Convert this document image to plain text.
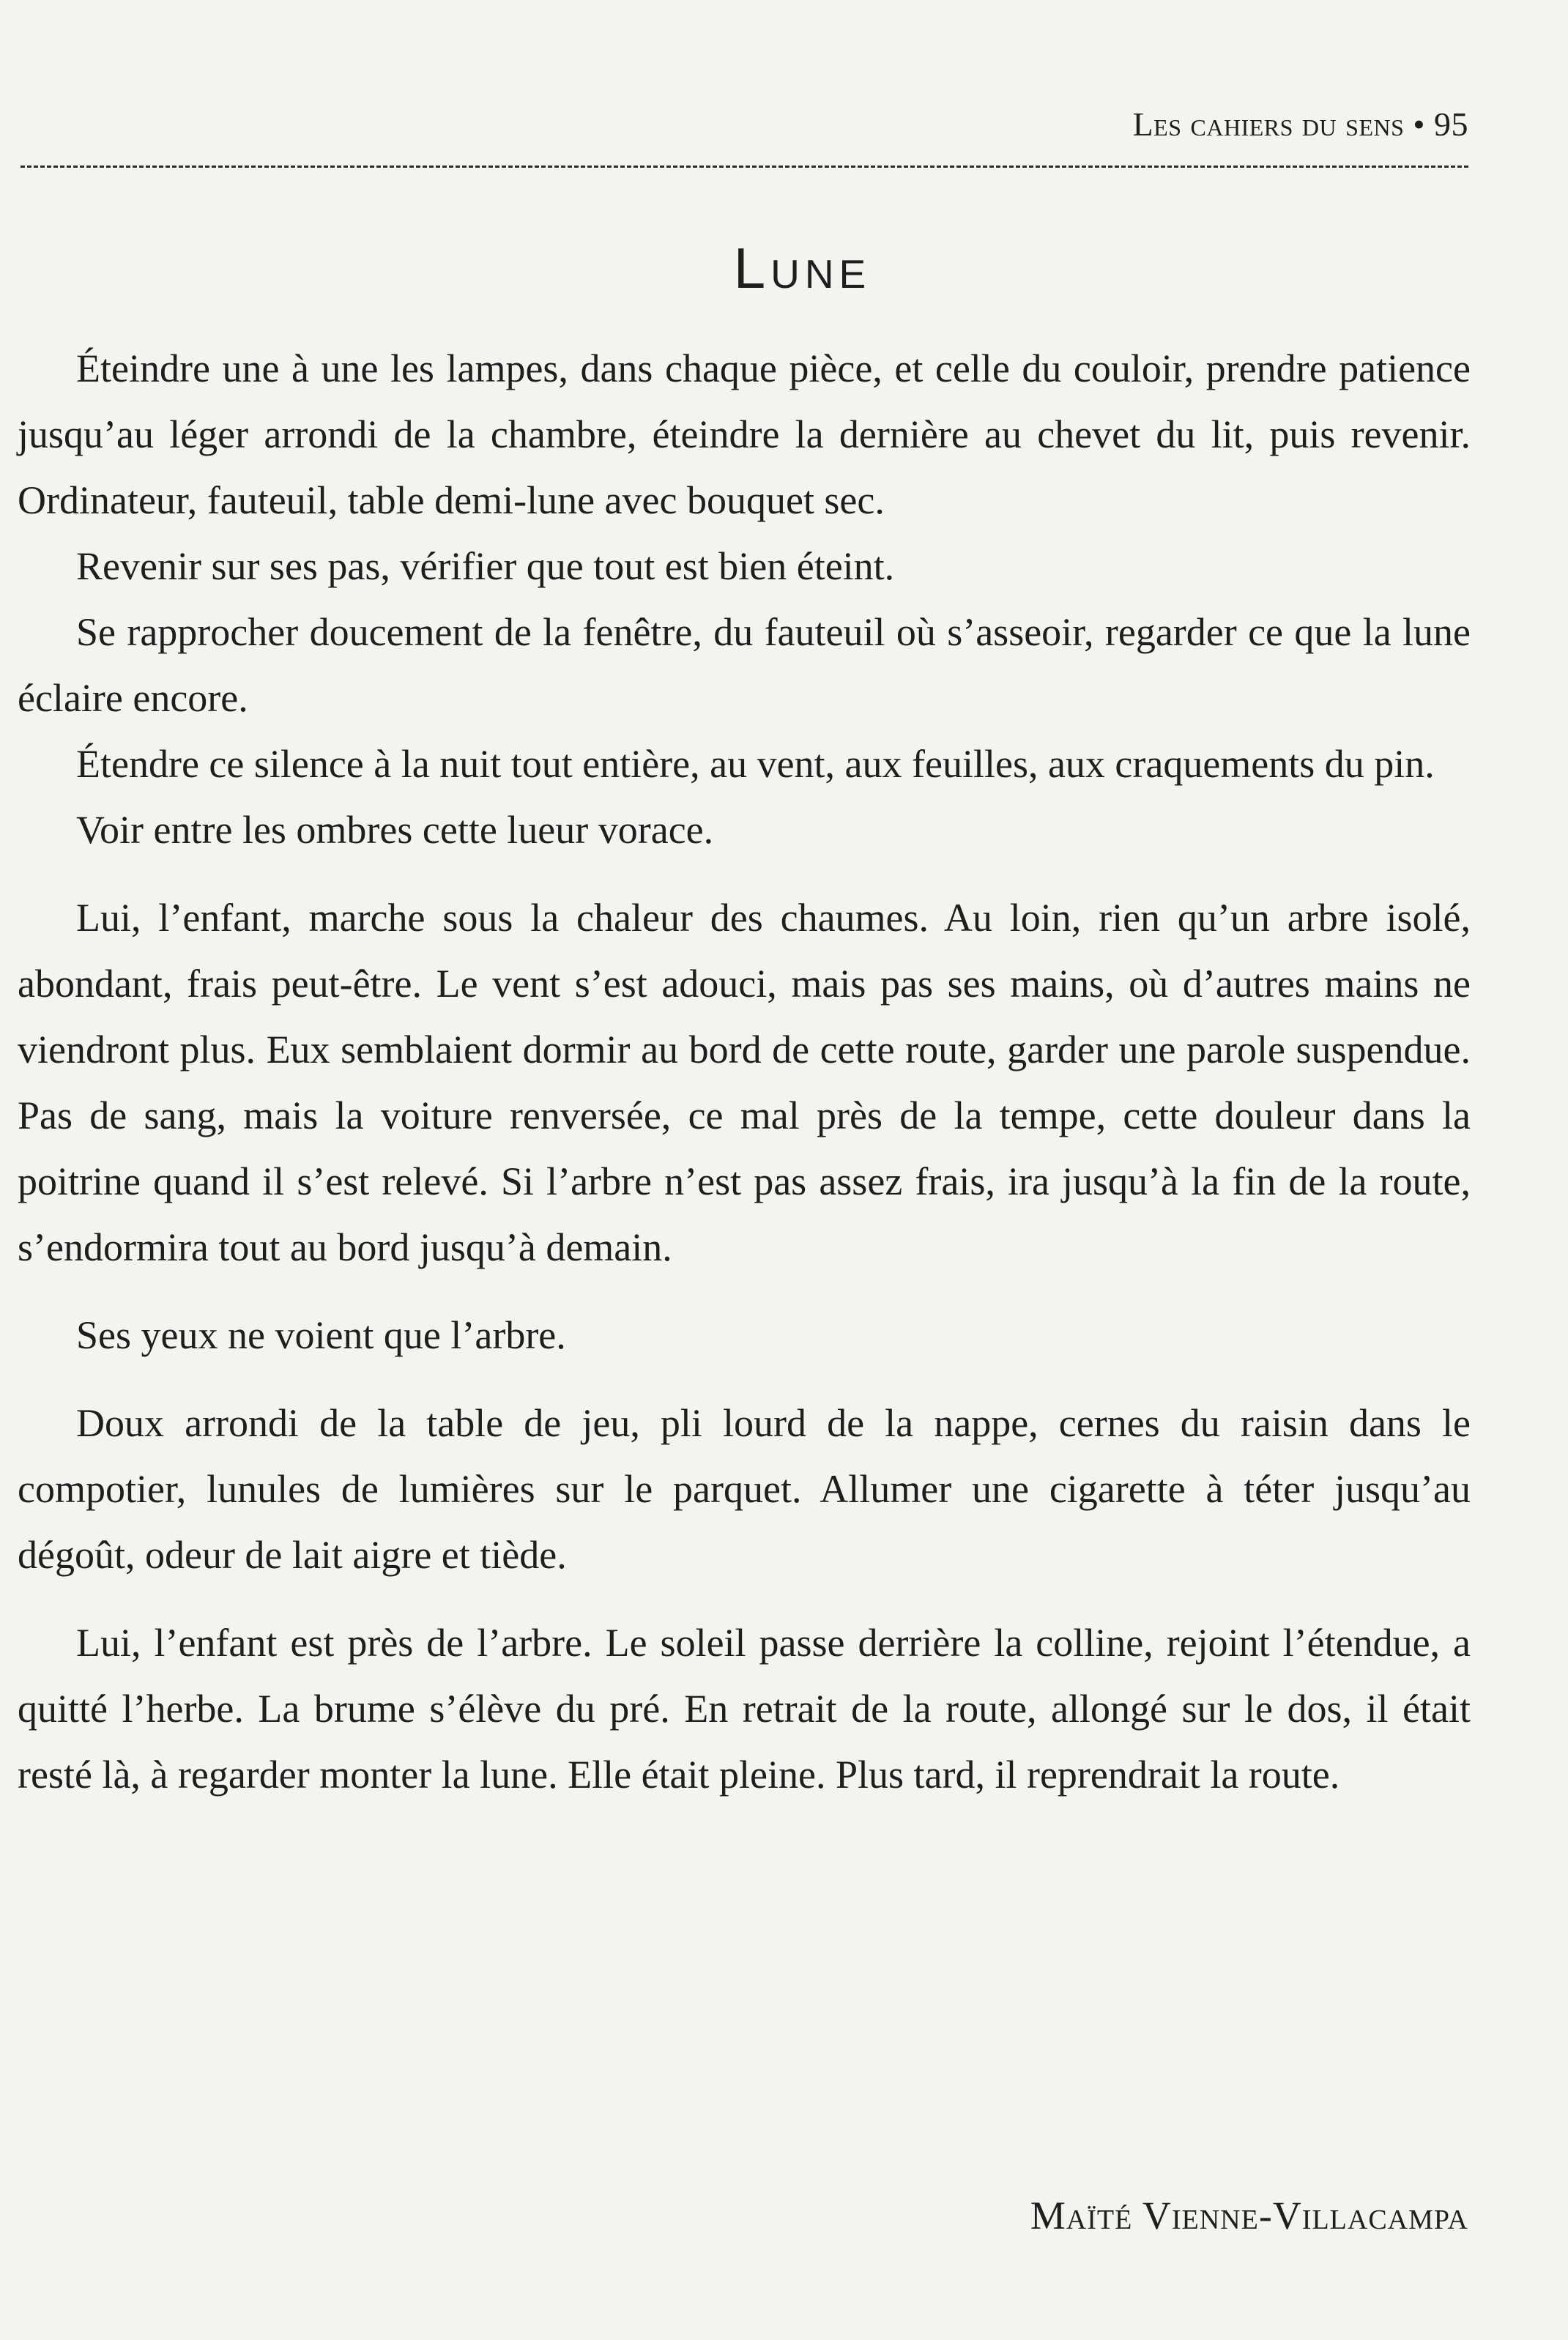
Les cahiers du sens • 95
Lune

Éteindre une à une les lampes, dans chaque pièce, et celle du couloir, prendre patience jusqu’au léger arrondi de la chambre, éteindre la dernière au chevet du lit, puis revenir. Ordinateur, fauteuil, table demi-lune avec bouquet sec.

Revenir sur ses pas, vérifier que tout est bien éteint.

Se rapprocher doucement de la fenêtre, du fauteuil où s’asseoir, regarder ce que la lune éclaire encore.

Étendre ce silence à la nuit tout entière, au vent, aux feuilles, aux craquements du pin.

Voir entre les ombres cette lueur vorace.

Lui, l’enfant, marche sous la chaleur des chaumes. Au loin, rien qu’un arbre isolé, abondant, frais peut-être. Le vent s’est adouci, mais pas ses mains, où d’autres mains ne viendront plus. Eux semblaient dormir au bord de cette route, garder une parole suspendue. Pas de sang, mais la voiture renversée, ce mal près de la tempe, cette douleur dans la poitrine quand il s’est relevé. Si l’arbre n’est pas assez frais, ira jusqu’à la fin de la route, s’endormira tout au bord jusqu’à demain.

Ses yeux ne voient que l’arbre.

Doux arrondi de la table de jeu, pli lourd de la nappe, cernes du raisin dans le compotier, lunules de lumières sur le parquet. Allumer une cigarette à téter jusqu’au dégoût, odeur de lait aigre et tiède.

Lui, l’enfant est près de l’arbre. Le soleil passe derrière la colline, rejoint l’étendue, a quitté l’herbe. La brume s’élève du pré. En retrait de la route, allongé sur le dos, il était resté là, à regarder monter la lune. Elle était pleine. Plus tard, il reprendrait la route.

Maïté Vienne-Villacampa
